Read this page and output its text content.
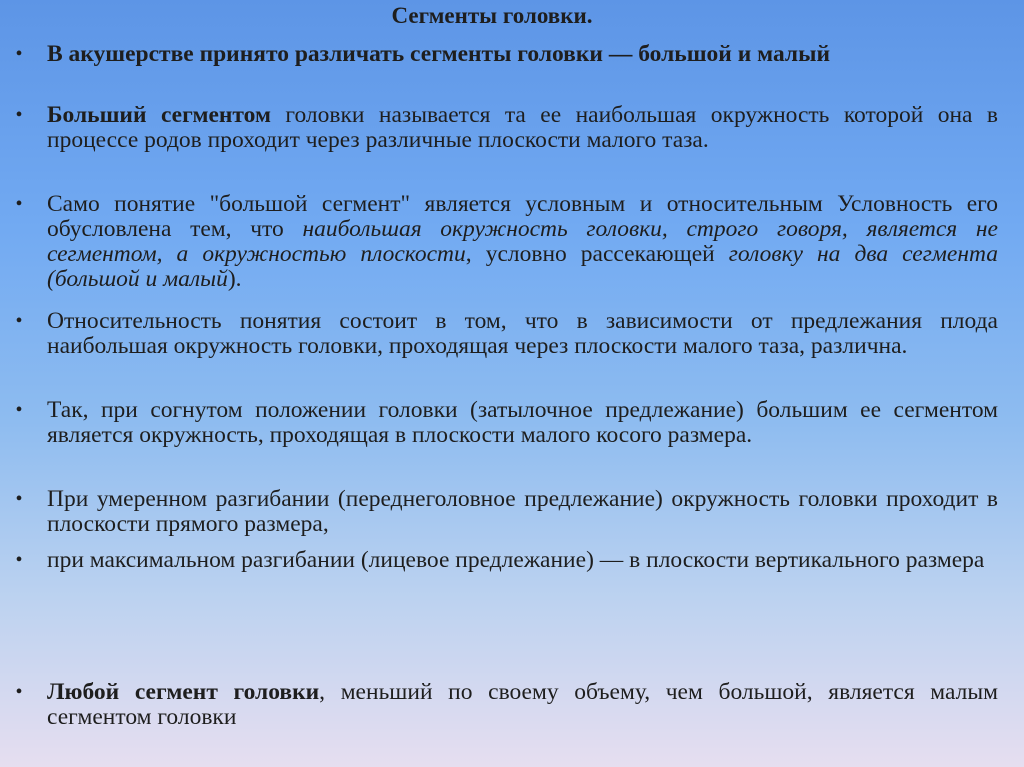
Сегменты головки.
• В акушерстве принято различать сегменты головки — большой и малый
• Больший сегментом головки называется та ее наибольшая окружность которой она в процессе родов проходит через различные плоскости малого таза.
• Само понятие "большой сегмент" является условным и относительным Условность его обусловлена тем, что наибольшая окружность головки, строго говоря, является не сегментом, а окружностью плоскости, условно рассекающей головку на два сегмента (большой и малый).
• Относительность понятия состоит в том, что в зависимости от предлежания плода наибольшая окружность головки, проходящая через плоскости малого таза, различна.
• Так, при согнутом положении головки (затылочное предлежание) большим ее сегментом является окружность, проходящая в плоскости малого косого размера.
• При умеренном разгибании (переднеголовное предлежание) окружность головки проходит в плоскости прямого размера,
• при максимальном разгибании (лицевое предлежание) — в плоскости вертикального размера
• Любой сегмент головки, меньший по своему объему, чем большой, является малым сегментом головки
